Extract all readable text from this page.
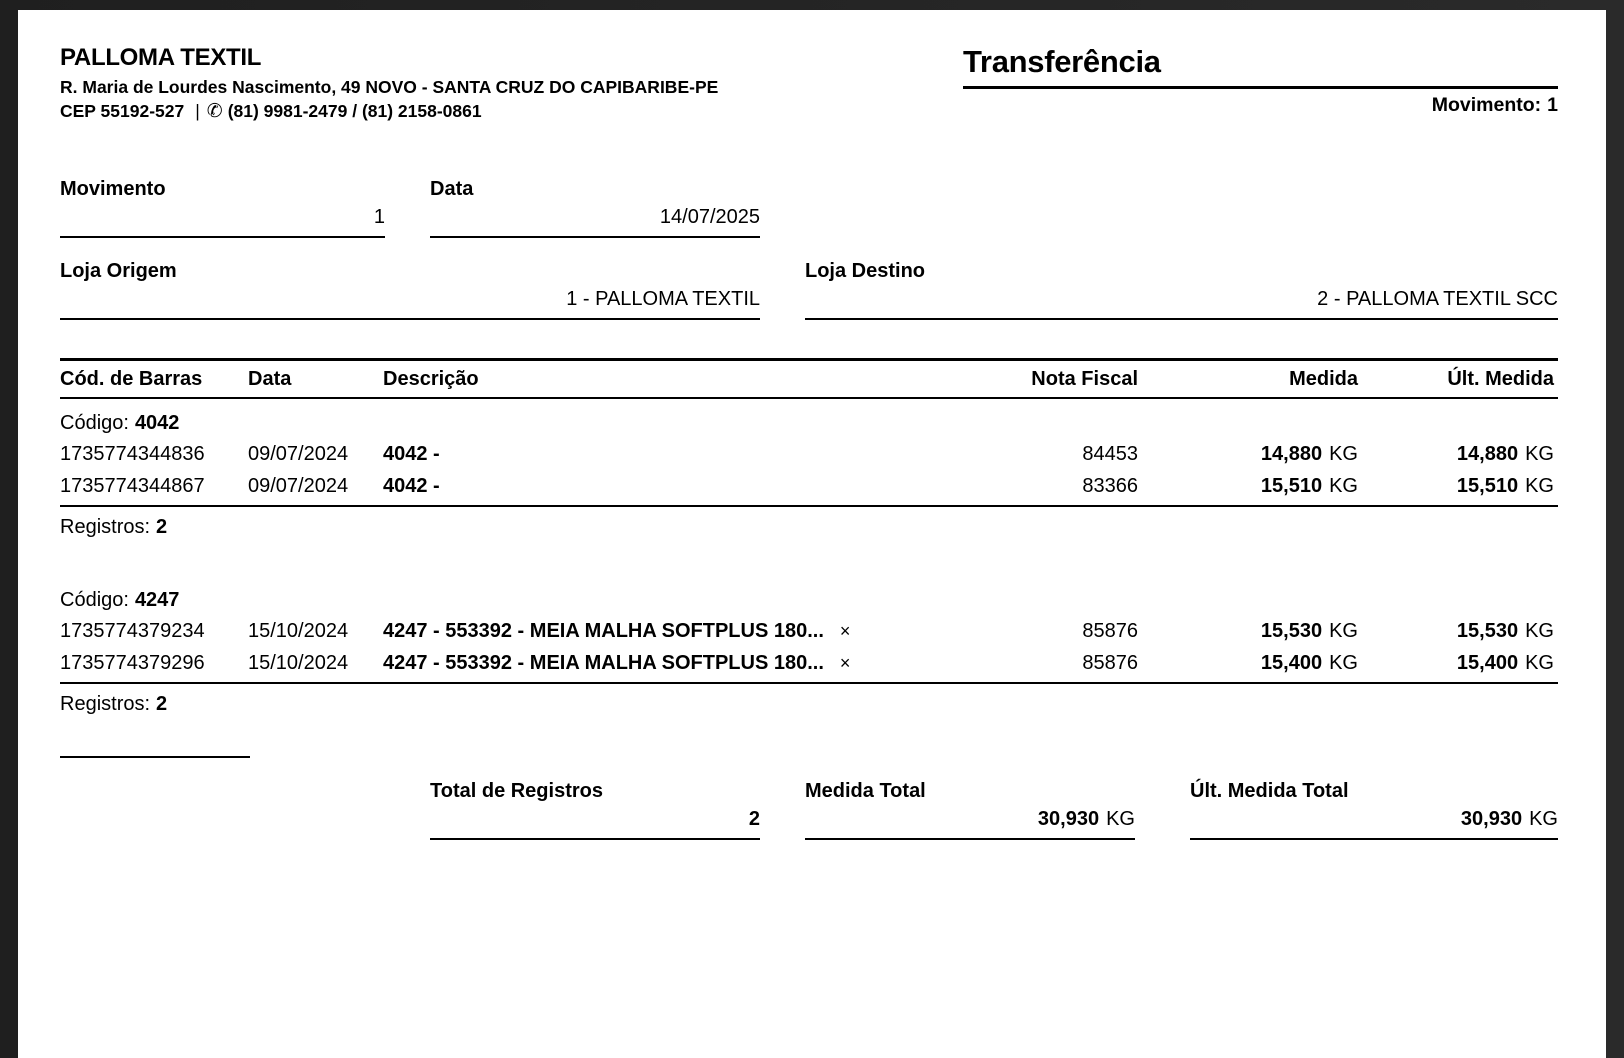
PALLOMA TEXTIL
R. Maria de Lourdes Nascimento, 49 NOVO - SANTA CRUZ DO CAPIBARIBE-PE
CEP 55192-527 | ✆ (81) 9981-2479 / (81) 2158-0861
Transferência
Movimento: 1
Movimento
1
Data
14/07/2025
Loja Origem
1 - PALLOMA TEXTIL
Loja Destino
2 - PALLOMA TEXTIL SCC
Cód. de Barras	Data	Descrição	Nota Fiscal	Medida	Últ. Medida
Código: 4042
1735774344836	09/07/2024	4042 -	84453	14,880 KG	14,880 KG
1735774344867	09/07/2024	4042 -	83366	15,510 KG	15,510 KG
Registros: 2
Código: 4247
1735774379234	15/10/2024	4247 - 553392 - MEIA MALHA SOFTPLUS 180... ×	85876	15,530 KG	15,530 KG
1735774379296	15/10/2024	4247 - 553392 - MEIA MALHA SOFTPLUS 180... ×	85876	15,400 KG	15,400 KG
Registros: 2
Total de Registros
2
Medida Total
30,930 KG
Últ. Medida Total
30,930 KG
